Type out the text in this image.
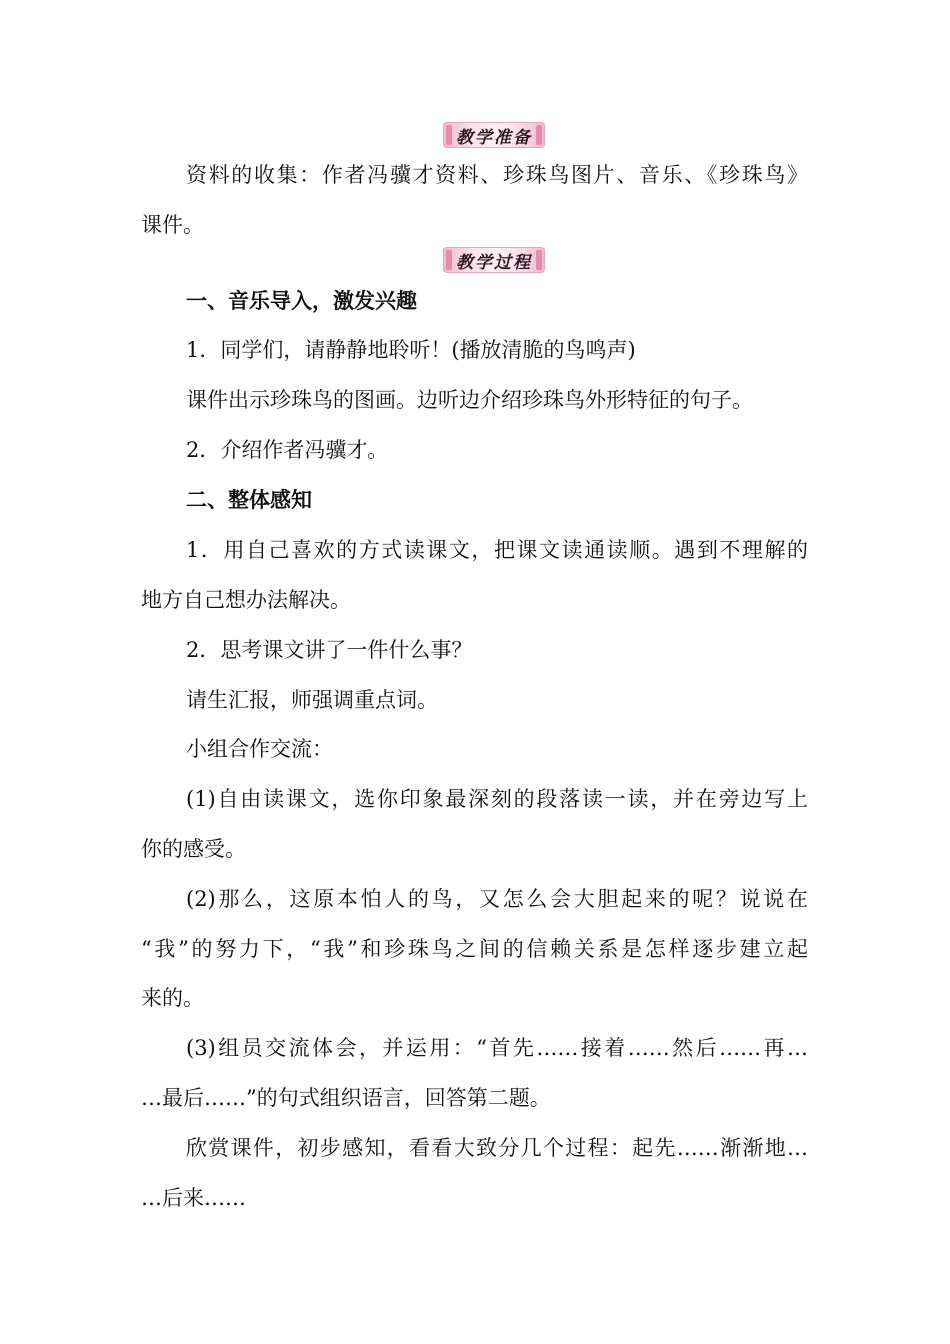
教学准备
资料的收集：作者冯骥才资料、珍珠鸟图片、音乐、《珍珠鸟》
课件。
教学过程
一、音乐导入，激发兴趣
1．同学们，请静静地聆听！(播放清脆的鸟鸣声)
课件出示珍珠鸟的图画。边听边介绍珍珠鸟外形特征的句子。
2．介绍作者冯骥才。
二、整体感知
1．用自己喜欢的方式读课文，把课文读通读顺。遇到不理解的
地方自己想办法解决。
2．思考课文讲了一件什么事？
请生汇报，师强调重点词。
小组合作交流：
(1)自由读课文，选你印象最深刻的段落读一读，并在旁边写上
你的感受。
(2)那么，这原本怕人的鸟，又怎么会大胆起来的呢？说说在
“我”的努力下，“我”和珍珠鸟之间的信赖关系是怎样逐步建立起
来的。
(3)组员交流体会，并运用：“首先……接着……然后……再…
…最后……”的句式组织语言，回答第二题。
欣赏课件，初步感知，看看大致分几个过程：起先……渐渐地…
…后来……
